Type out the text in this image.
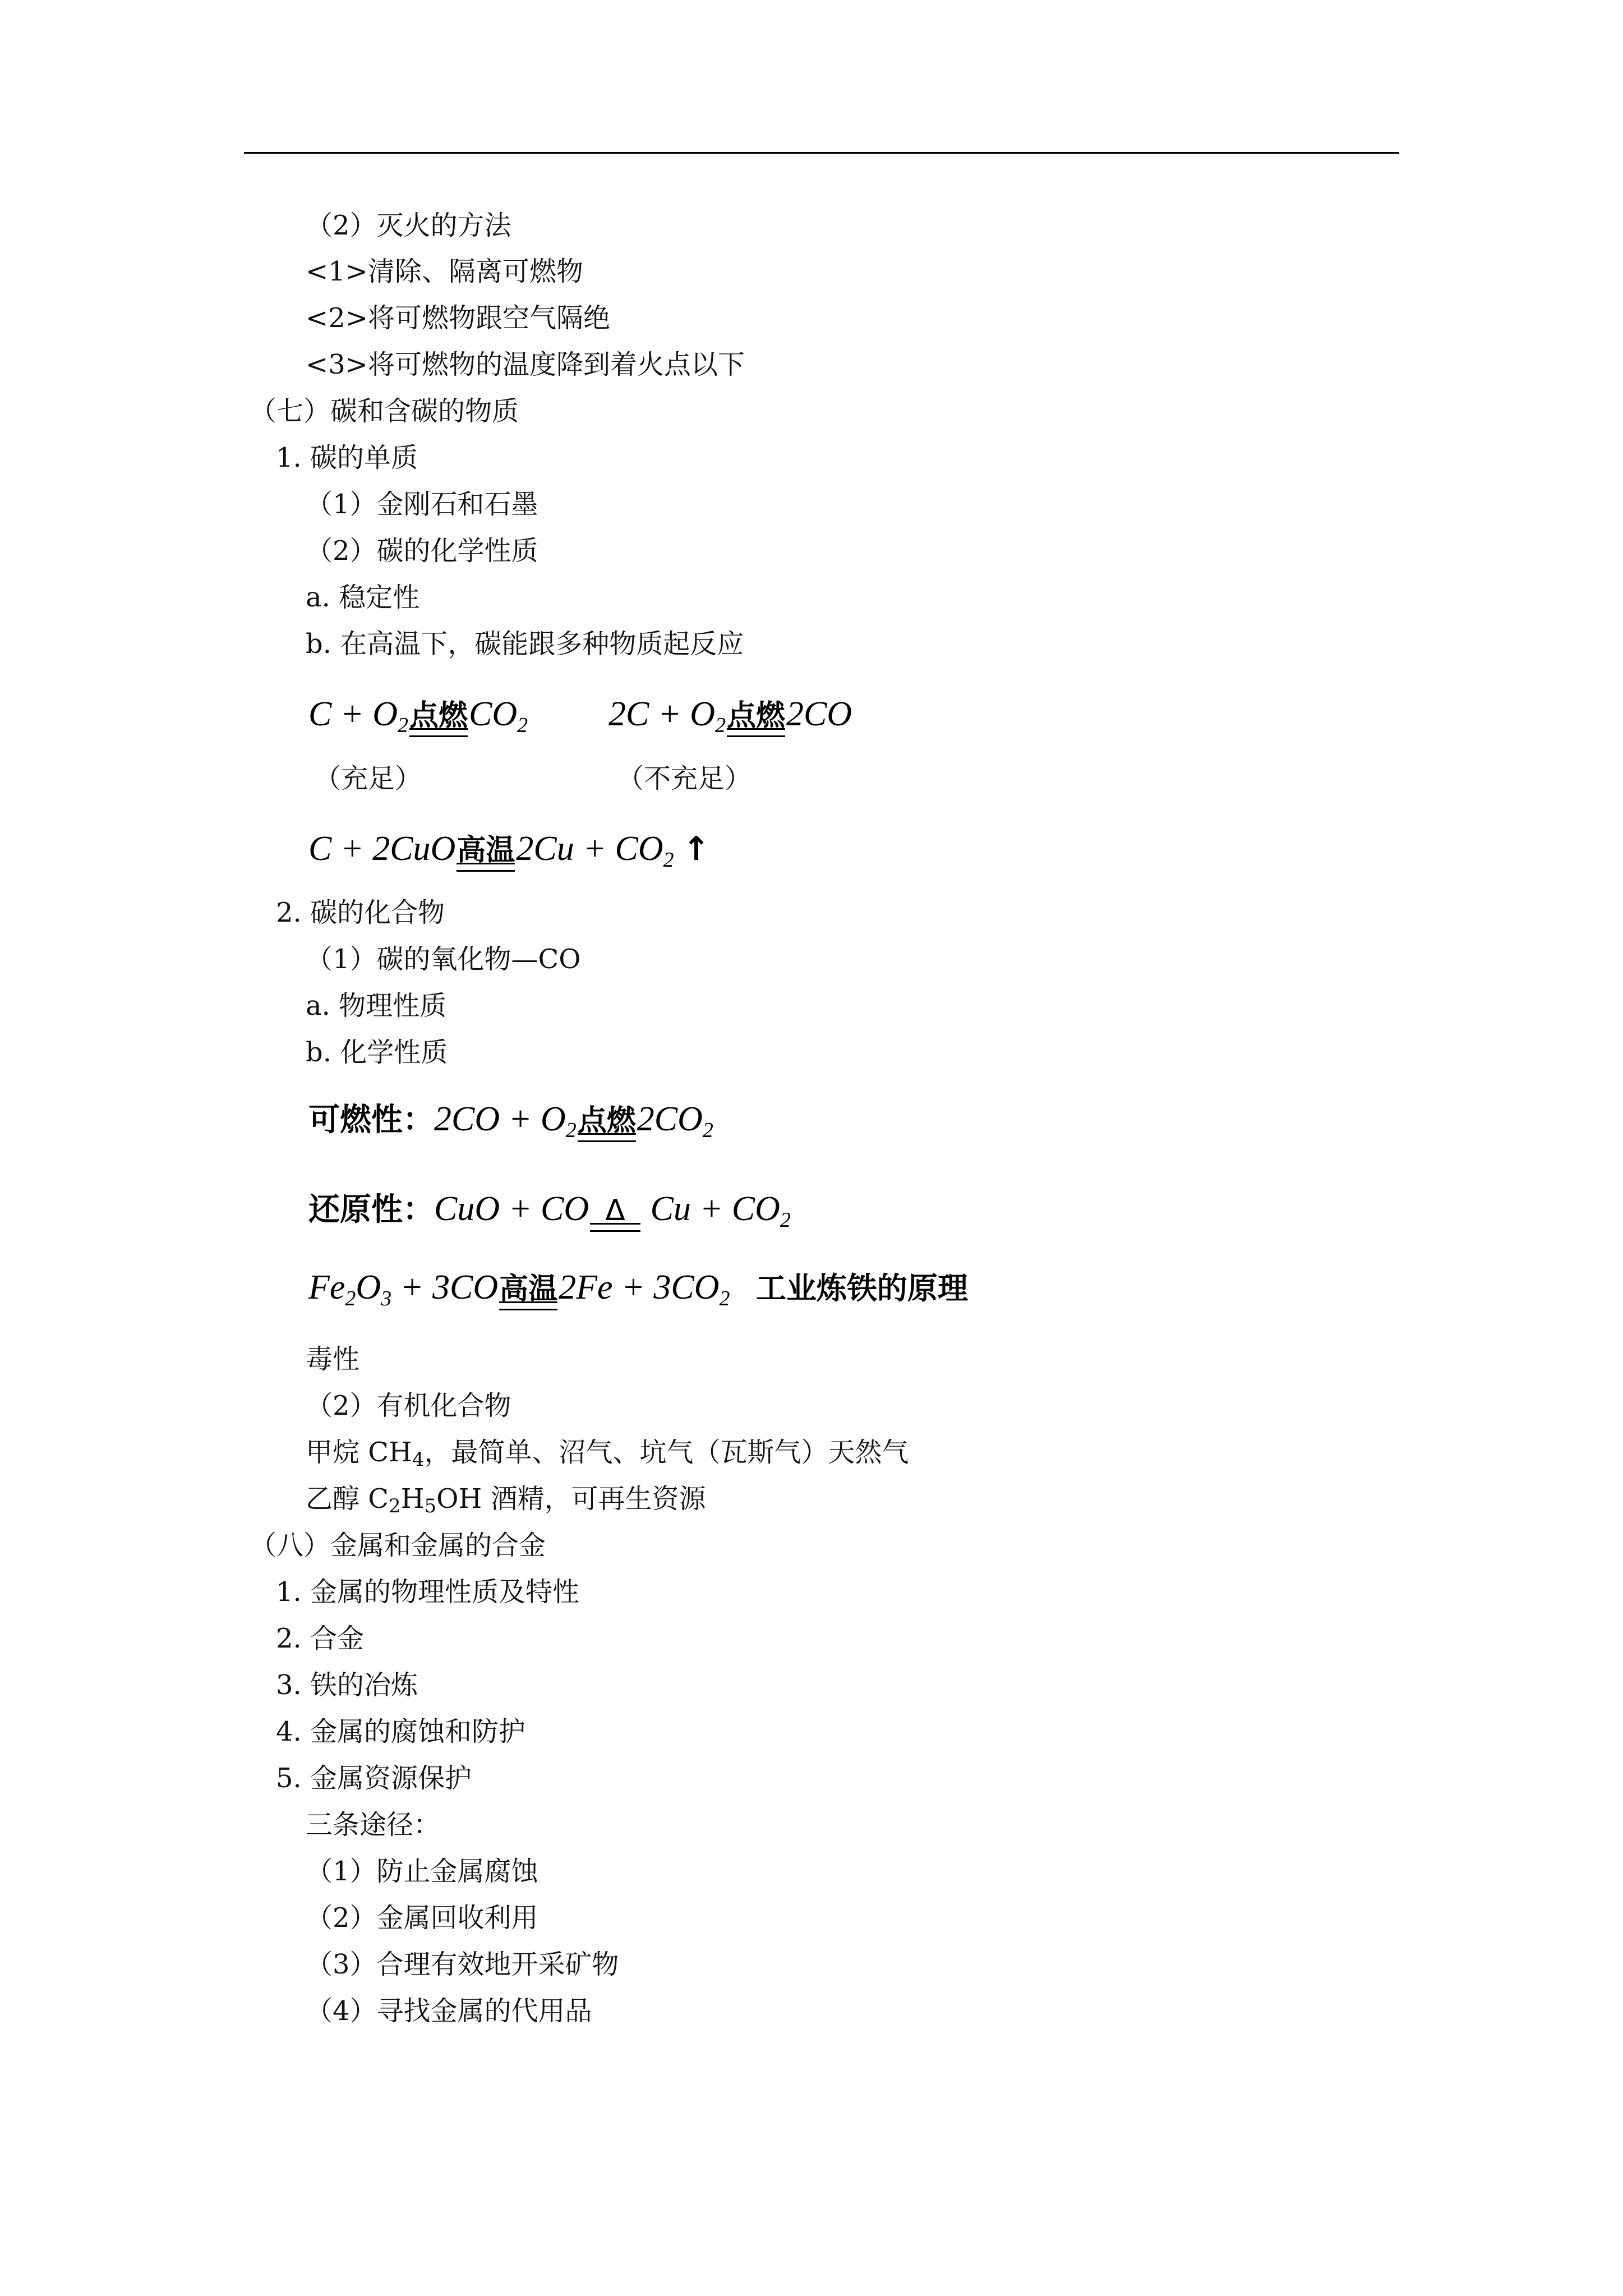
（2）灭火的方法
<1>清除、隔离可燃物
<2>将可燃物跟空气隔绝
<3>将可燃物的温度降到着火点以下
（七）碳和含碳的物质
1. 碳的单质
（1）金刚石和石墨
（2）碳的化学性质
a. 稳定性
b. 在高温下，碳能跟多种物质起反应
$C + O_2$ 点燃 $CO_2$ $2C + O_2$ 点燃 2CO
（充足）	（不充足）
C + 2CuO 高温 $2Cu + CO_2$ ↑
2. 碳的化合物
（1）碳的氧化物—CO
a. 物理性质
b. 化学性质
可燃性：$2CO + O_2$ 点燃 $2CO_2$
还原性：CuO + CO Δ $Cu + CO_2$
$Fe_2O_3 + 3CO$ 高温 $2Fe + 3CO_2$ 工业炼铁的原理
毒性
（2）有机化合物
甲烷 CH4，最简单、沼气、坑气（瓦斯气）天然气
乙醇 C2H5OH 酒精，可再生资源
（八）金属和金属的合金
1. 金属的物理性质及特性
2. 合金
3. 铁的冶炼
4. 金属的腐蚀和防护
5. 金属资源保护
三条途径：
（1）防止金属腐蚀
（2）金属回收利用
（3）合理有效地开采矿物
（4）寻找金属的代用品
